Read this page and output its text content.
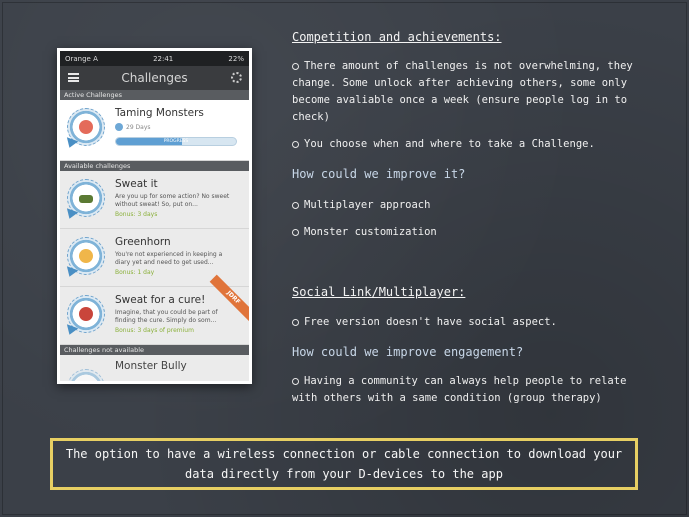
Orange A	22:41	22%
Challenges
Active Challenges
Taming Monsters
29 Days
PROGRESS
Available challenges
Sweat it
Are you up for some action? No sweet without sweat! So, put on...
Bonus: 3 days
Greenhorn
You're not experienced in keeping a diary yet and need to get used...
Bonus: 1 day
Sweat for a cure!
Imagine, that you could be part of finding the cure. Simply do som...
Bonus: 3 days of premium
JDRF
Challenges not available
Monster Bully
Competition and achievements:
There amount of challenges is not overwhelming, they change. Some unlock after achieving others, some only become avaliable once a week (ensure people log in to check)
You choose when and where to take a Challenge.
How could we improve it?
Multiplayer approach
Monster customization
Social Link/Multiplayer:
Free version doesn't have social aspect.
How could we improve engagement?
Having a community can always help people to relate with others with a same condition (group therapy)
The option to have a wireless connection or cable connection to download your data directly from your D-devices to the app
